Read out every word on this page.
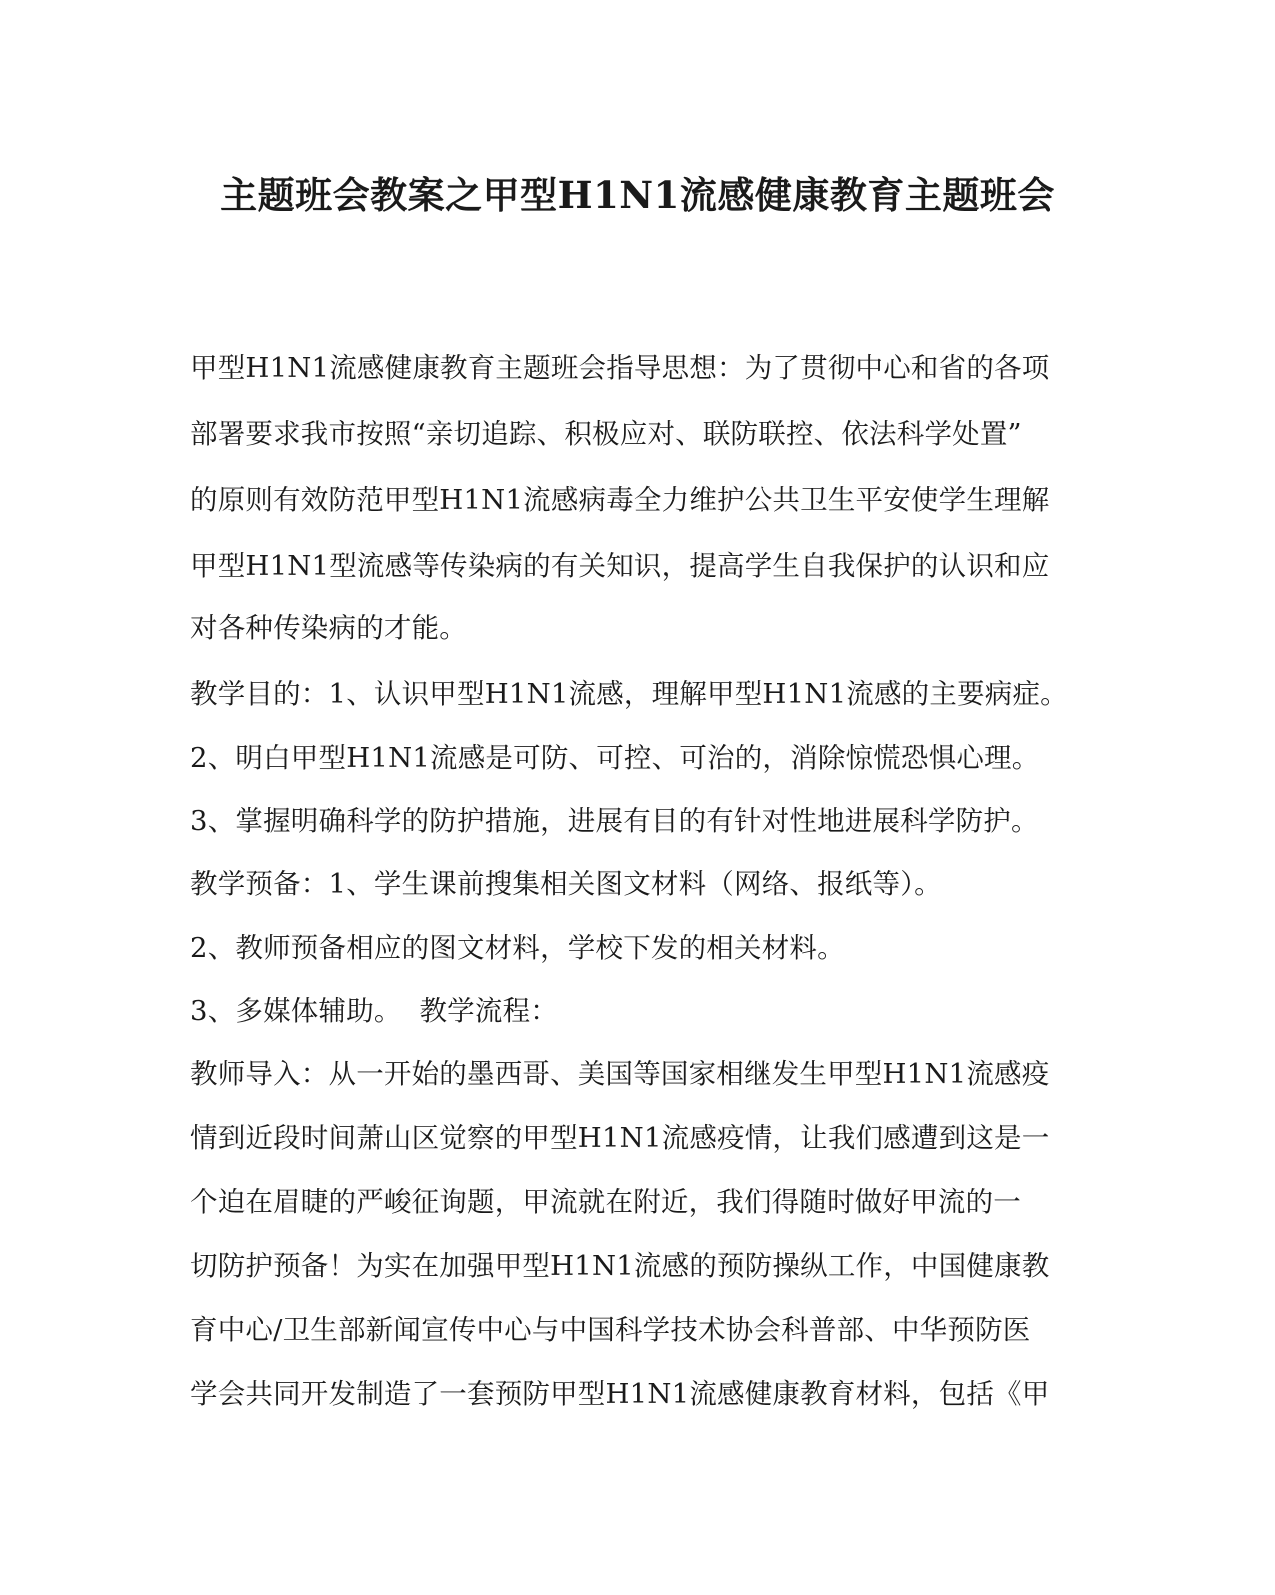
主题班会教案之甲型H1N1流感健康教育主题班会
甲型H1N1流感健康教育主题班会指导思想：为了贯彻中心和省的各项
部署要求我市按照“亲切追踪、积极应对、联防联控、依法科学处置”
的原则有效防范甲型H1N1流感病毒全力维护公共卫生平安使学生理解
甲型H1N1型流感等传染病的有关知识，提高学生自我保护的认识和应
对各种传染病的才能。
教学目的：1、认识甲型H1N1流感，理解甲型H1N1流感的主要病症。
2、明白甲型H1N1流感是可防、可控、可治的，消除惊慌恐惧心理。
3、掌握明确科学的防护措施，进展有目的有针对性地进展科学防护。
教学预备：1、学生课前搜集相关图文材料（网络、报纸等）。
2、教师预备相应的图文材料，学校下发的相关材料。
3、多媒体辅助。  教学流程：
教师导入：从一开始的墨西哥、美国等国家相继发生甲型H1N1流感疫
情到近段时间萧山区觉察的甲型H1N1流感疫情，让我们感遭到这是一
个迫在眉睫的严峻征询题，甲流就在附近，我们得随时做好甲流的一
切防护预备！为实在加强甲型H1N1流感的预防操纵工作，中国健康教
育中心/卫生部新闻宣传中心与中国科学技术协会科普部、中华预防医
学会共同开发制造了一套预防甲型H1N1流感健康教育材料，包括《甲
